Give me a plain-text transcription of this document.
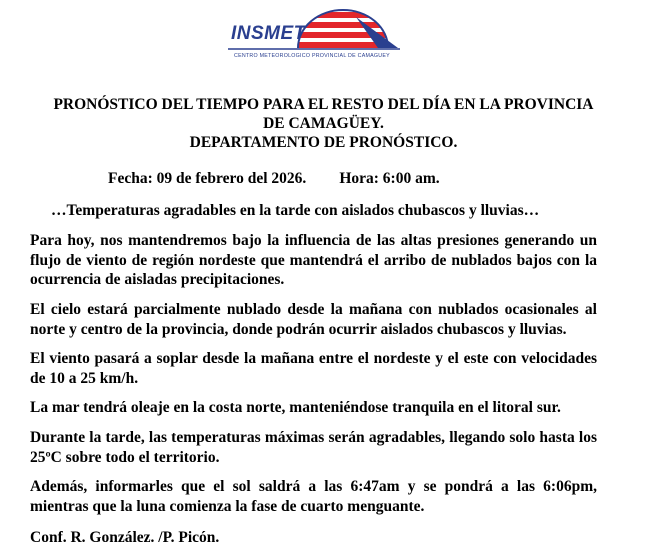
INSMET
CENTRO METEOROLOGICO PROVINCIAL DE CAMAGUEY
PRONÓSTICO DEL TIEMPO PARA EL RESTO DEL DÍA EN LA PROVINCIA
DE CAMAGÜEY.
DEPARTAMENTO DE PRONÓSTICO.
Fecha: 09 de febrero del 2026. Hora: 6:00 am.
…Temperaturas agradables en la tarde con aislados chubascos y lluvias…
Para hoy, nos mantendremos bajo la influencia de las altas presiones generando un flujo de viento de región nordeste que mantendrá el arribo de nublados bajos con la ocurrencia de aisladas precipitaciones.
El cielo estará parcialmente nublado desde la mañana con nublados ocasionales al norte y centro de la provincia, donde podrán ocurrir aislados chubascos y lluvias.
El viento pasará a soplar desde la mañana entre el nordeste y el este con velocidades de 10 a 25 km/h.
La mar tendrá oleaje en la costa norte, manteniéndose tranquila en el litoral sur.
Durante la tarde, las temperaturas máximas serán agradables, llegando solo hasta los 25ºC sobre todo el territorio.
Además, informarles que el sol saldrá a las 6:47am y se pondrá a las 6:06pm, mientras que la luna comienza la fase de cuarto menguante.
Conf. R. González. /P. Picón.
